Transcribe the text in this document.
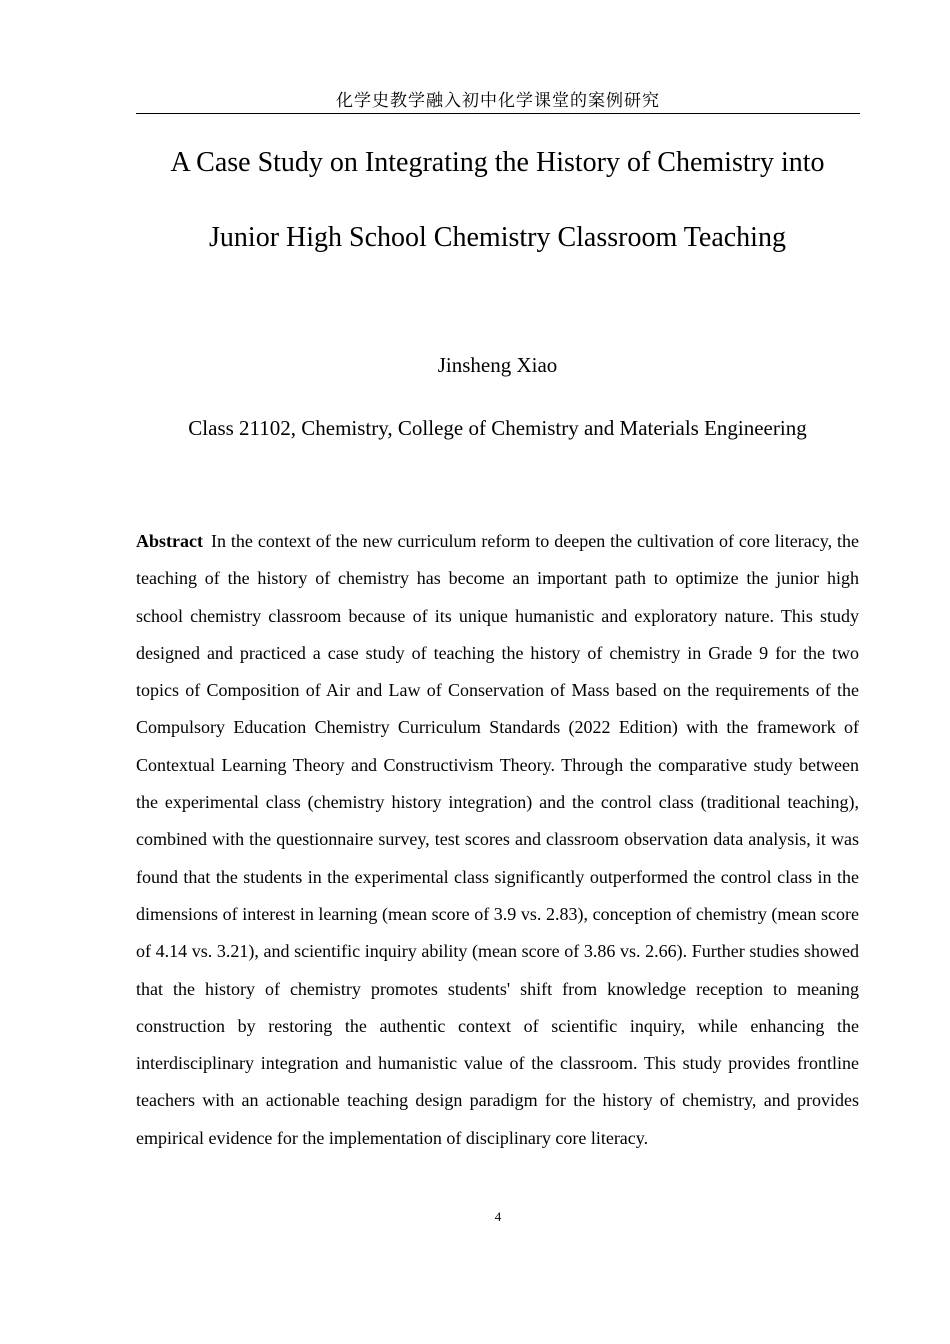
化学史教学融入初中化学课堂的案例研究
A Case Study on Integrating the History of Chemistry into
Junior High School Chemistry Classroom Teaching
Jinsheng Xiao
Class 21102, Chemistry, College of Chemistry and Materials Engineering

Abstract In the context of the new curriculum reform to deepen the cultivation of core literacy, the teaching of the history of chemistry has become an important path to optimize the junior high school chemistry classroom because of its unique humanistic and exploratory nature. This study designed and practiced a case study of teaching the history of chemistry in Grade 9 for the two topics of Composition of Air and Law of Conservation of Mass based on the requirements of the Compulsory Education Chemistry Curriculum Standards (2022 Edition) with the framework of Contextual Learning Theory and Constructivism Theory. Through the comparative study between the experimental class (chemistry history integration) and the control class (traditional teaching), combined with the questionnaire survey, test scores and classroom observation data analysis, it was found that the students in the experimental class significantly outperformed the control class in the dimensions of interest in learning (mean score of 3.9 vs. 2.83), conception of chemistry (mean score of 4.14 vs. 3.21), and scientific inquiry ability (mean score of 3.86 vs. 2.66). Further studies showed that the history of chemistry promotes students' shift from knowledge reception to meaning construction by restoring the authentic context of scientific inquiry, while enhancing the interdisciplinary integration and humanistic value of the classroom. This study provides frontline teachers with an actionable teaching design paradigm for the history of chemistry, and provides empirical evidence for the implementation of disciplinary core literacy.

4
